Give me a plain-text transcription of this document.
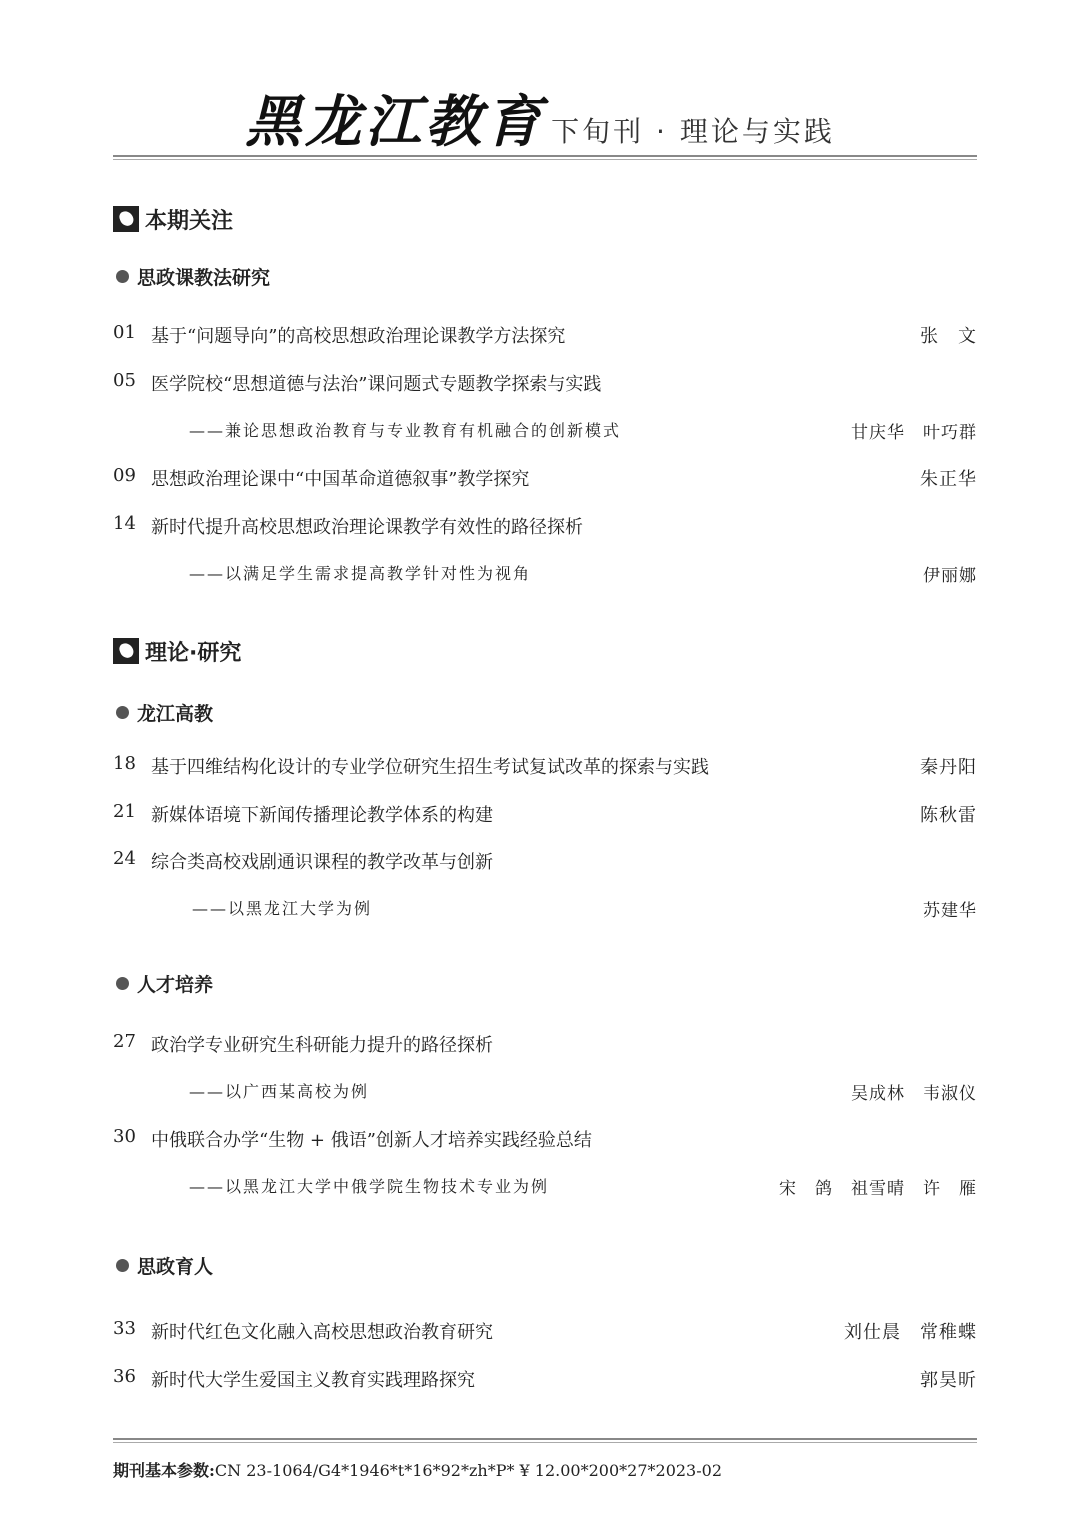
黑龙江教育 下旬刊 · 理论与实践
本期关注
思政课教法研究
01 基于“问题导向”的高校思想政治理论课教学方法探究	张　文
05 医学院校“思想道德与法治”课问题式专题教学探索与实践
——兼论思想政治教育与专业教育有机融合的创新模式	甘庆华　叶巧群
09 思想政治理论课中“中国革命道德叙事”教学探究	朱正华
14 新时代提升高校思想政治理论课教学有效性的路径探析
——以满足学生需求提高教学针对性为视角	伊丽娜
理论·研究
龙江高教
18 基于四维结构化设计的专业学位研究生招生考试复试改革的探索与实践	秦丹阳
21 新媒体语境下新闻传播理论教学体系的构建	陈秋雷
24 综合类高校戏剧通识课程的教学改革与创新
——以黑龙江大学为例	苏建华
人才培养
27 政治学专业研究生科研能力提升的路径探析
——以广西某高校为例	吴成林　韦淑仪
30 中俄联合办学“生物 + 俄语”创新人才培养实践经验总结
——以黑龙江大学中俄学院生物技术专业为例	宋　鸽　祖雪晴　许　雁
思政育人
33 新时代红色文化融入高校思想政治教育研究	刘仕晨　常稚蝶
36 新时代大学生爱国主义教育实践理路探究	郭昊昕
期刊基本参数:CN 23-1064/G4*1946*t*16*92*zh*P* ¥ 12.00*200*27*2023-02
